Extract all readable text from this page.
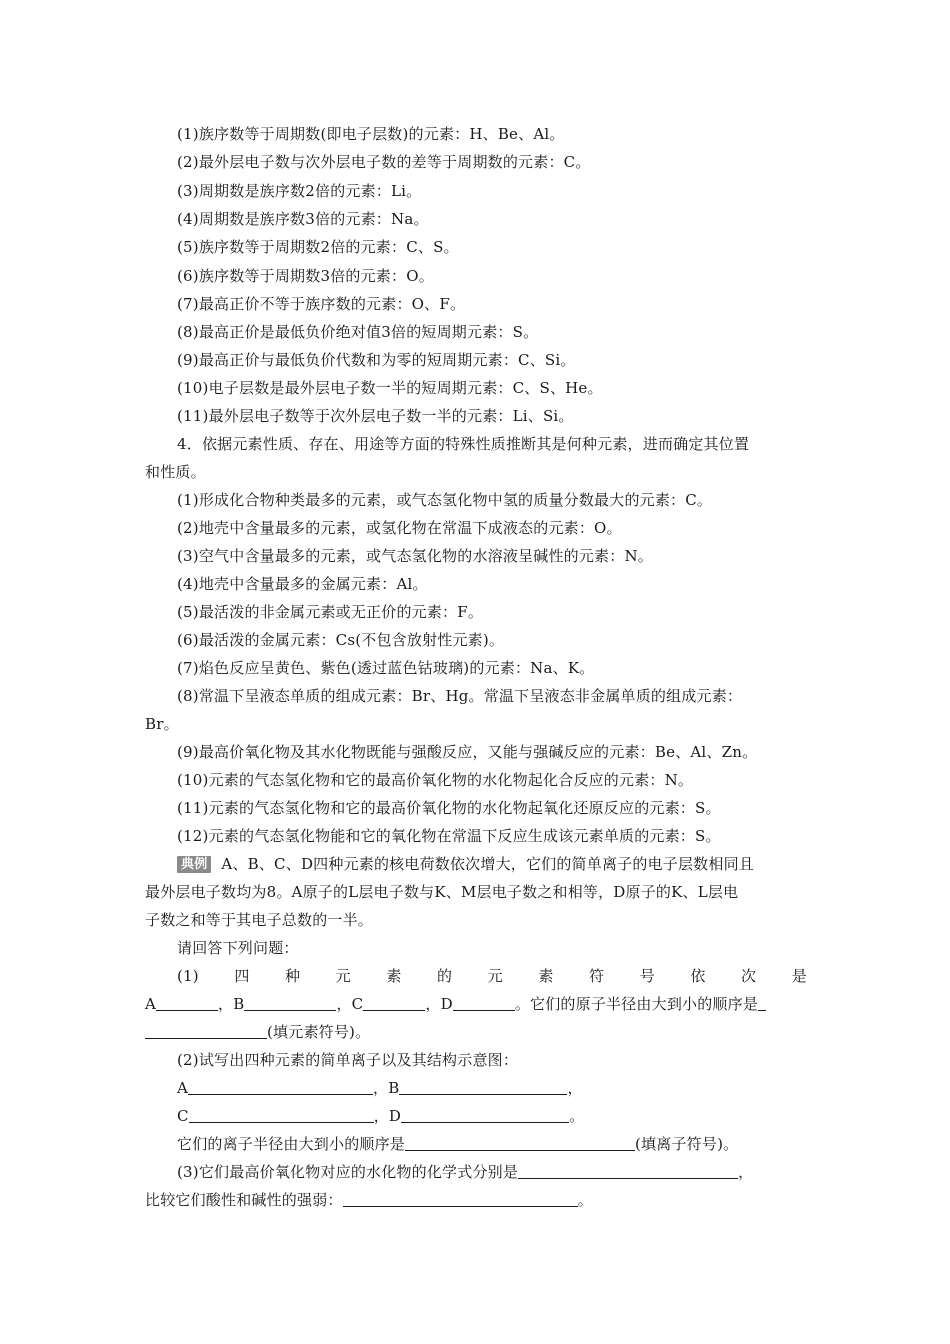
(1)族序数等于周期数(即电子层数)的元素：H、Be、Al。
(2)最外层电子数与次外层电子数的差等于周期数的元素：C。
(3)周期数是族序数2倍的元素：Li。
(4)周期数是族序数3倍的元素：Na。
(5)族序数等于周期数2倍的元素：C、S。
(6)族序数等于周期数3倍的元素：O。
(7)最高正价不等于族序数的元素：O、F。
(8)最高正价是最低负价绝对值3倍的短周期元素：S。
(9)最高正价与最低负价代数和为零的短周期元素：C、Si。
(10)电子层数是最外层电子数一半的短周期元素：C、S、He。
(11)最外层电子数等于次外层电子数一半的元素：Li、Si。
4．依据元素性质、存在、用途等方面的特殊性质推断其是何种元素，进而确定其位置
和性质。
(1)形成化合物种类最多的元素，或气态氢化物中氢的质量分数最大的元素：C。
(2)地壳中含量最多的元素，或氢化物在常温下成液态的元素：O。
(3)空气中含量最多的元素，或气态氢化物的水溶液呈碱性的元素：N。
(4)地壳中含量最多的金属元素：Al。
(5)最活泼的非金属元素或无正价的元素：F。
(6)最活泼的金属元素：Cs(不包含放射性元素)。
(7)焰色反应呈黄色、紫色(透过蓝色钴玻璃)的元素：Na、K。
(8)常温下呈液态单质的组成元素：Br、Hg。常温下呈液态非金属单质的组成元素：
Br。
(9)最高价氧化物及其水化物既能与强酸反应，又能与强碱反应的元素：Be、Al、Zn。
(10)元素的气态氢化物和它的最高价氧化物的水化物起化合反应的元素：N。
(11)元素的气态氢化物和它的最高价氧化物的水化物起氧化还原反应的元素：S。
(12)元素的气态氢化物能和它的氧化物在常温下反应生成该元素单质的元素：S。
典例 A、B、C、D四种元素的核电荷数依次增大，它们的简单离子的电子层数相同且
最外层电子数均为8。A原子的L层电子数与K、M层电子数之和相等，D原子的K、L层电
子数之和等于其电子总数的一半。
请回答下列问题：
(1) 四 种 元 素 的 元 素 符 号 依 次 是
A	，B	，C	，D	。它们的原子半径由大到小的顺序是
(填元素符号)。
(2)试写出四种元素的简单离子以及其结构示意图：
A	，B	，
C	，D	。
它们的离子半径由大到小的顺序是	(填离子符号)。
(3)它们最高价氧化物对应的水化物的化学式分别是	，
比较它们酸性和碱性的强弱：	。
